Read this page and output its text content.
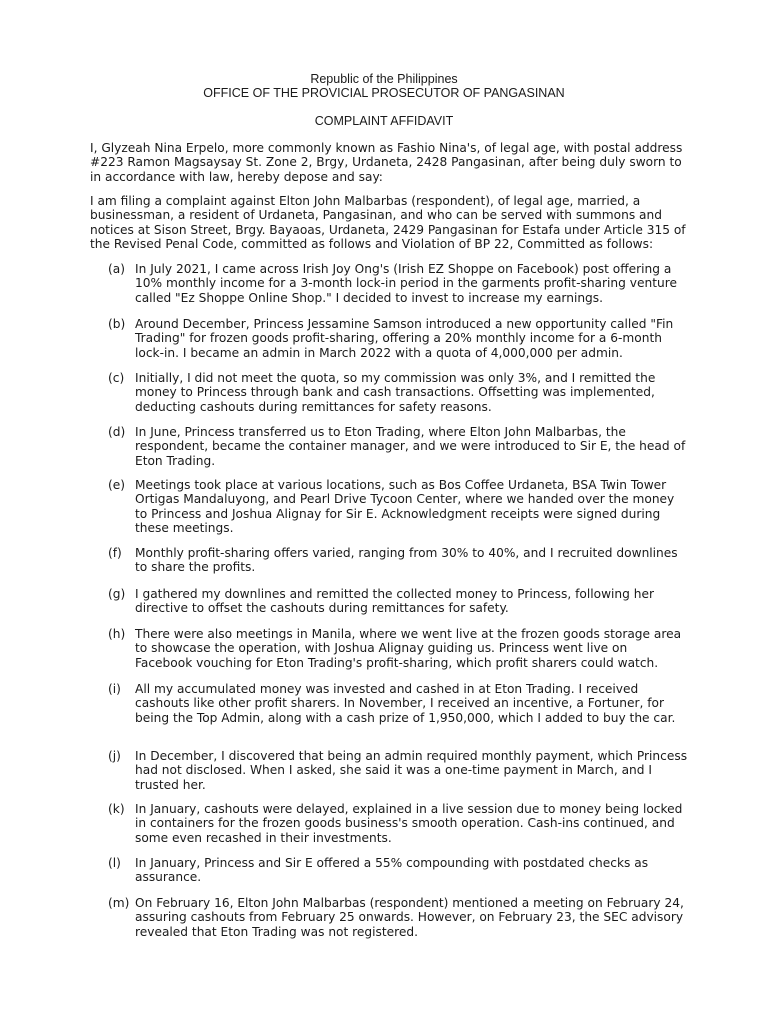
Republic of the Philippines
OFFICE OF THE PROVICIAL PROSECUTOR OF PANGASINAN
COMPLAINT AFFIDAVIT

I, Glyzeah Nina Erpelo, more commonly known as Fashio Nina's, of legal age, with postal address #223 Ramon Magsaysay St. Zone 2, Brgy, Urdaneta, 2428 Pangasinan, after being duly sworn to in accordance with law, hereby depose and say:

I am filing a complaint against Elton John Malbarbas (respondent), of legal age, married, a businessman, a resident of Urdaneta, Pangasinan, and who can be served with summons and notices at Sison Street, Brgy. Bayaoas, Urdaneta, 2429 Pangasinan for Estafa under Article 315 of the Revised Penal Code, committed as follows and Violation of BP 22, Committed as follows:

(a) In July 2021, I came across Irish Joy Ong's (Irish EZ Shoppe on Facebook) post offering a 10% monthly income for a 3-month lock-in period in the garments profit-sharing venture called "Ez Shoppe Online Shop." I decided to invest to increase my earnings.
(b) Around December, Princess Jessamine Samson introduced a new opportunity called "Fin Trading" for frozen goods profit-sharing, offering a 20% monthly income for a 6-month lock-in. I became an admin in March 2022 with a quota of 4,000,000 per admin.
(c) Initially, I did not meet the quota, so my commission was only 3%, and I remitted the money to Princess through bank and cash transactions. Offsetting was implemented, deducting cashouts during remittances for safety reasons.
(d) In June, Princess transferred us to Eton Trading, where Elton John Malbarbas, the respondent, became the container manager, and we were introduced to Sir E, the head of Eton Trading.
(e) Meetings took place at various locations, such as Bos Coffee Urdaneta, BSA Twin Tower Ortigas Mandaluyong, and Pearl Drive Tycoon Center, where we handed over the money to Princess and Joshua Alignay for Sir E. Acknowledgment receipts were signed during these meetings.
(f)	Monthly profit-sharing offers varied, ranging from 30% to 40%, and I recruited downlines to share the profits.
(g) I gathered my downlines and remitted the collected money to Princess, following her directive to offset the cashouts during remittances for safety.
(h) There were also meetings in Manila, where we went live at the frozen goods storage area to showcase the operation, with Joshua Alignay guiding us. Princess went live on Facebook vouching for Eton Trading's profit-sharing, which profit sharers could watch.
(i)	All my accumulated money was invested and cashed in at Eton Trading. I received cashouts like other profit sharers. In November, I received an incentive, a Fortuner, for being the Top Admin, along with a cash prize of 1,950,000, which I added to buy the car.
(j)	In December, I discovered that being an admin required monthly payment, which Princess had not disclosed. When I asked, she said it was a one-time payment in March, and I trusted her.
(k) In January, cashouts were delayed, explained in a live session due to money being locked in containers for the frozen goods business's smooth operation. Cash-ins continued, and some even recashed in their investments.
(l)	In January, Princess and Sir E offered a 55% compounding with postdated checks as assurance.
(m) On February 16, Elton John Malbarbas (respondent) mentioned a meeting on February 24, assuring cashouts from February 25 onwards. However, on February 23, the SEC advisory revealed that Eton Trading was not registered.
